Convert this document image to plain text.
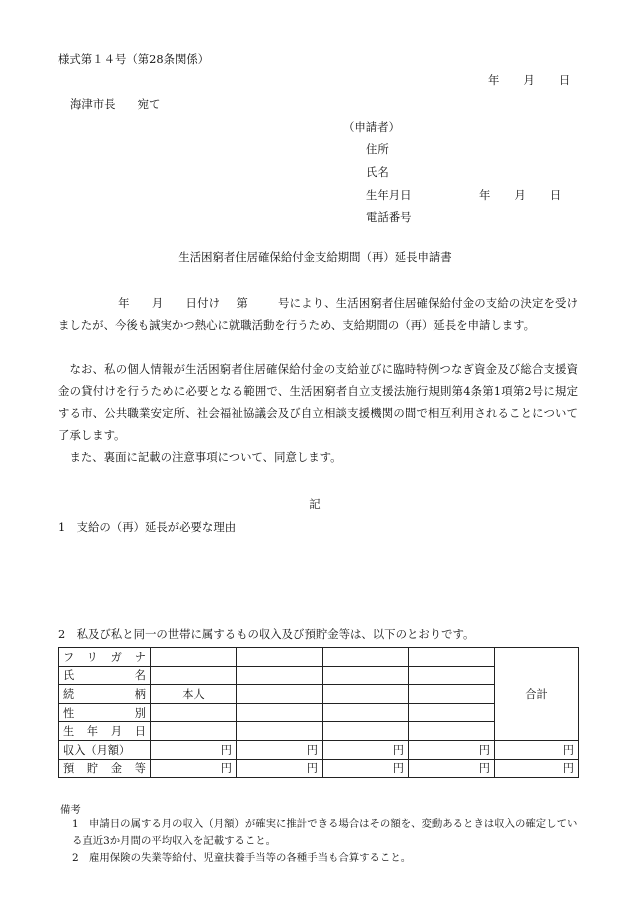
様式第１４号（第28条関係）
年 月 日
海津市長 宛て
（申請者）
住所
氏名
生年月日	年 月 日
電話番号
生活困窮者住居確保給付金支給期間（再）延長申請書
年 月 日付け 第	号により、生活困窮者住居確保給付金の支給の決定を受けましたが、今後も誠実かつ熱心に就職活動を行うため、支給期間の（再）延長を申請します。
なお、私の個人情報が生活困窮者住居確保給付金の支給並びに臨時特例つなぎ資金及び総合支援資金の貸付けを行うために必要となる範囲で、生活困窮者自立支援法施行規則第4条第1項第2号に規定する市、公共職業安定所、社会福祉協議会及び自立相談支援機関の間で相互利用されることについて了承します。
また、裏面に記載の注意事項について、同意します。
記
1　支給の（再）延長が必要な理由
2　私及び私と同一の世帯に属するもの収入及び預貯金等は、以下のとおりです。
フリガナ					合計
氏名					
続柄	本人				
性別					
生年月日					
収入（月額）	円	円	円	円	円
預貯金等	円	円	円	円	円
備考
1　申請日の属する月の収入（月額）が確実に推計できる場合はその額を、変動あるときは収入の確定している直近3か月間の平均収入を記載すること。
2　雇用保険の失業等給付、児童扶養手当等の各種手当も合算すること。
